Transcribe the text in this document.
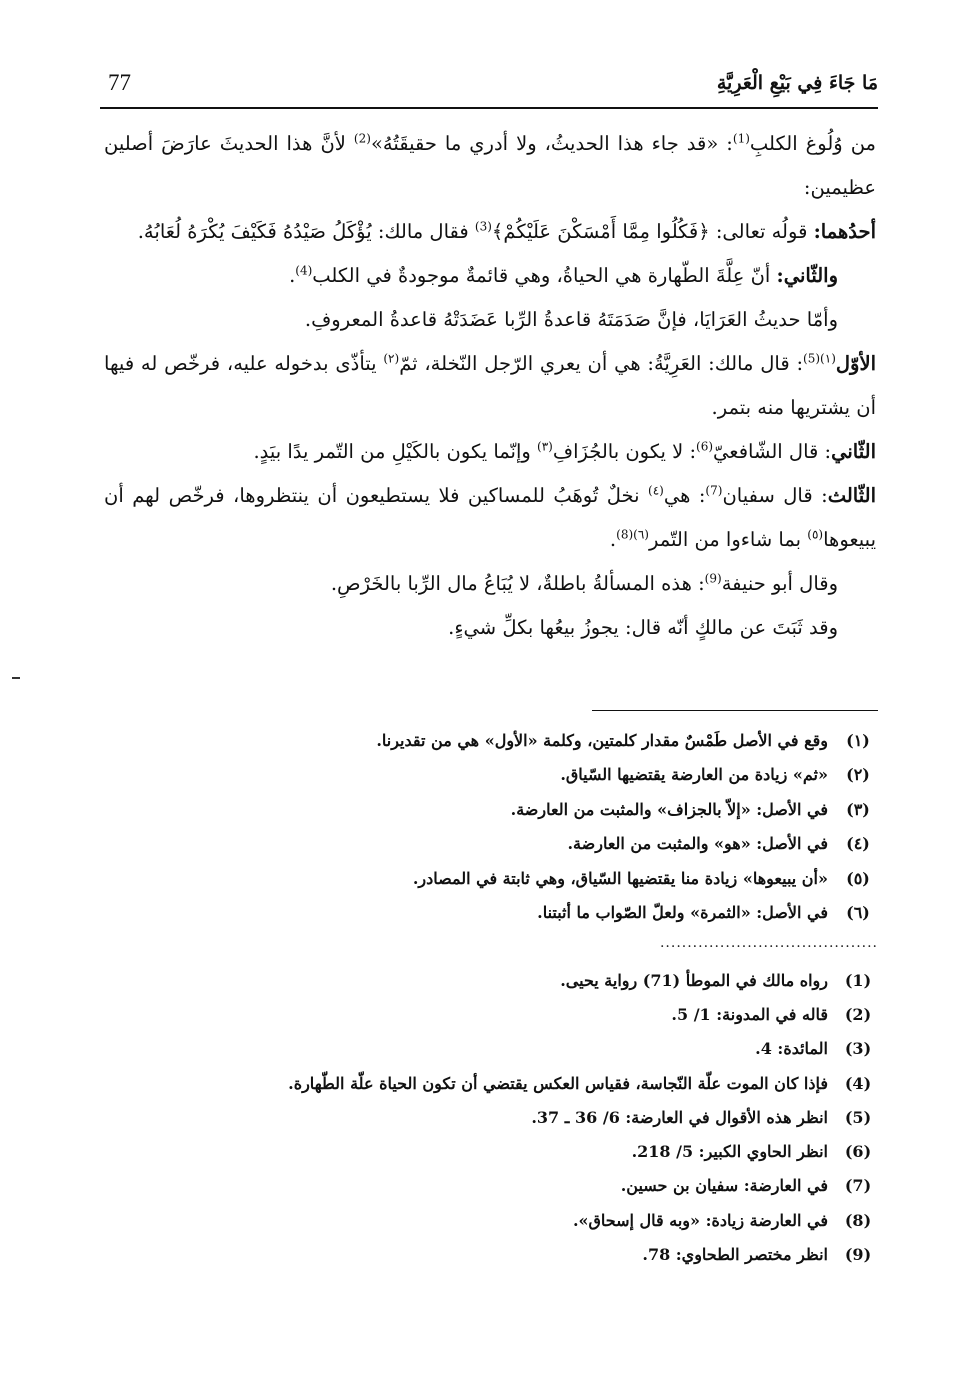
77	مَا جَاءَ فِي بَيْعِ الْعَرِيَّةِ

من وُلُوغ الكلبِ$^{(1)}$: «قد جاء هذا الحديثُ، ولا أدري ما حقيقَتُهُ»$^{(2)}$ لأنَّ هذا الحديثَ عارَضَ أصلين عظيمين:

أحدُهما: قولُه تعالى: ﴿فَكُلُوا مِمَّا أَمْسَكْنَ عَلَيْكُمْ﴾$^{(3)}$ فقال مالك: يُؤْكَلُ صَيْدُهُ فَكَيْفَ يُكْرَهُ لُعَابُهُ.

والثّاني: أنّ عِلَّةَ الطّهارة هي الحياةُ، وهي قائمةٌ موجودةٌ في الكلب$^{(4)}$.

وأمّا حديثُ العَرَايَا، فإنَّ صَدَمَتَهُ قاعدةُ الرِّبا عَضَدَتْهُ قاعدةُ المعروفِ.

الأوّل$^{(١)(5)}$: قال مالك: العَرِيَّةُ: هي أن يعري الرّجل النّخلة، ثمّ$^{(٢)}$ يتأذّى بدخوله عليه، فرخّص له فيها أن يشتريها منه بتمر.

الثّاني: قال الشّافعيّ$^{(6)}$: لا يكون بالجُزَافِ$^{(٣)}$ وإنّما يكون بالكَيْلِ من التّمر يدًا بيَدٍ.

الثّالث: قال سفيان$^{(7)}$: هي$^{(٤)}$ نخلٌ تُوهَبُ للمساكين فلا يستطيعون أن ينتظروها، فرخّص لهم أن يبيعوها$^{(٥)}$ بما شاءوا من التّمر$^{(٦)(8)}$.

وقال أبو حنيفة$^{(9)}$: هذه المسألةُ باطلةٌ، لا يُبَاعُ مال الرِّبا بالخَرْصِ.

وقد ثَبَتَ عن مالكٍ أنّه قال: يجوزُ بيعُها بكلِّ شيءٍ.

(١)
وقع في الأصل طَمْسٌ مقدار كلمتين، وكلمة «الأول» هي من تقديرنا.
(٢)
«ثم» زيادة من العارضة يقتضيها السّياق.
(٣)
في الأصل: «إلاّ بالجزاف» والمثبت من العارضة.
(٤)
في الأصل: «هو» والمثبت من العارضة.
(٥)
«أن يبيعوها» زيادة منا يقتضيها السّياق، وهي ثابتة في المصادر.
(٦)
في الأصل: «الثمرة» ولعلّ الصّواب ما أثبتنا.
........................................
(1)
رواه مالك في الموطأ (71) رواية يحيى.
(2)
قاله في المدونة: 1/ 5.
(3)
المائدة: 4.
(4)
فإذا كان الموت علّة النّجاسة، فقياس العكس يقتضي أن تكون الحياة علّة الطّهارة.
(5)
انظر هذه الأقوال في العارضة: 6/ 36 ـ 37.
(6)
انظر الحاوي الكبير: 5/ 218.
(7)
في العارضة: سفيان بن حسين.
(8)
في العارضة زيادة: «وبه قال إسحاق».
(9)
انظر مختصر الطحاوي: 78.
